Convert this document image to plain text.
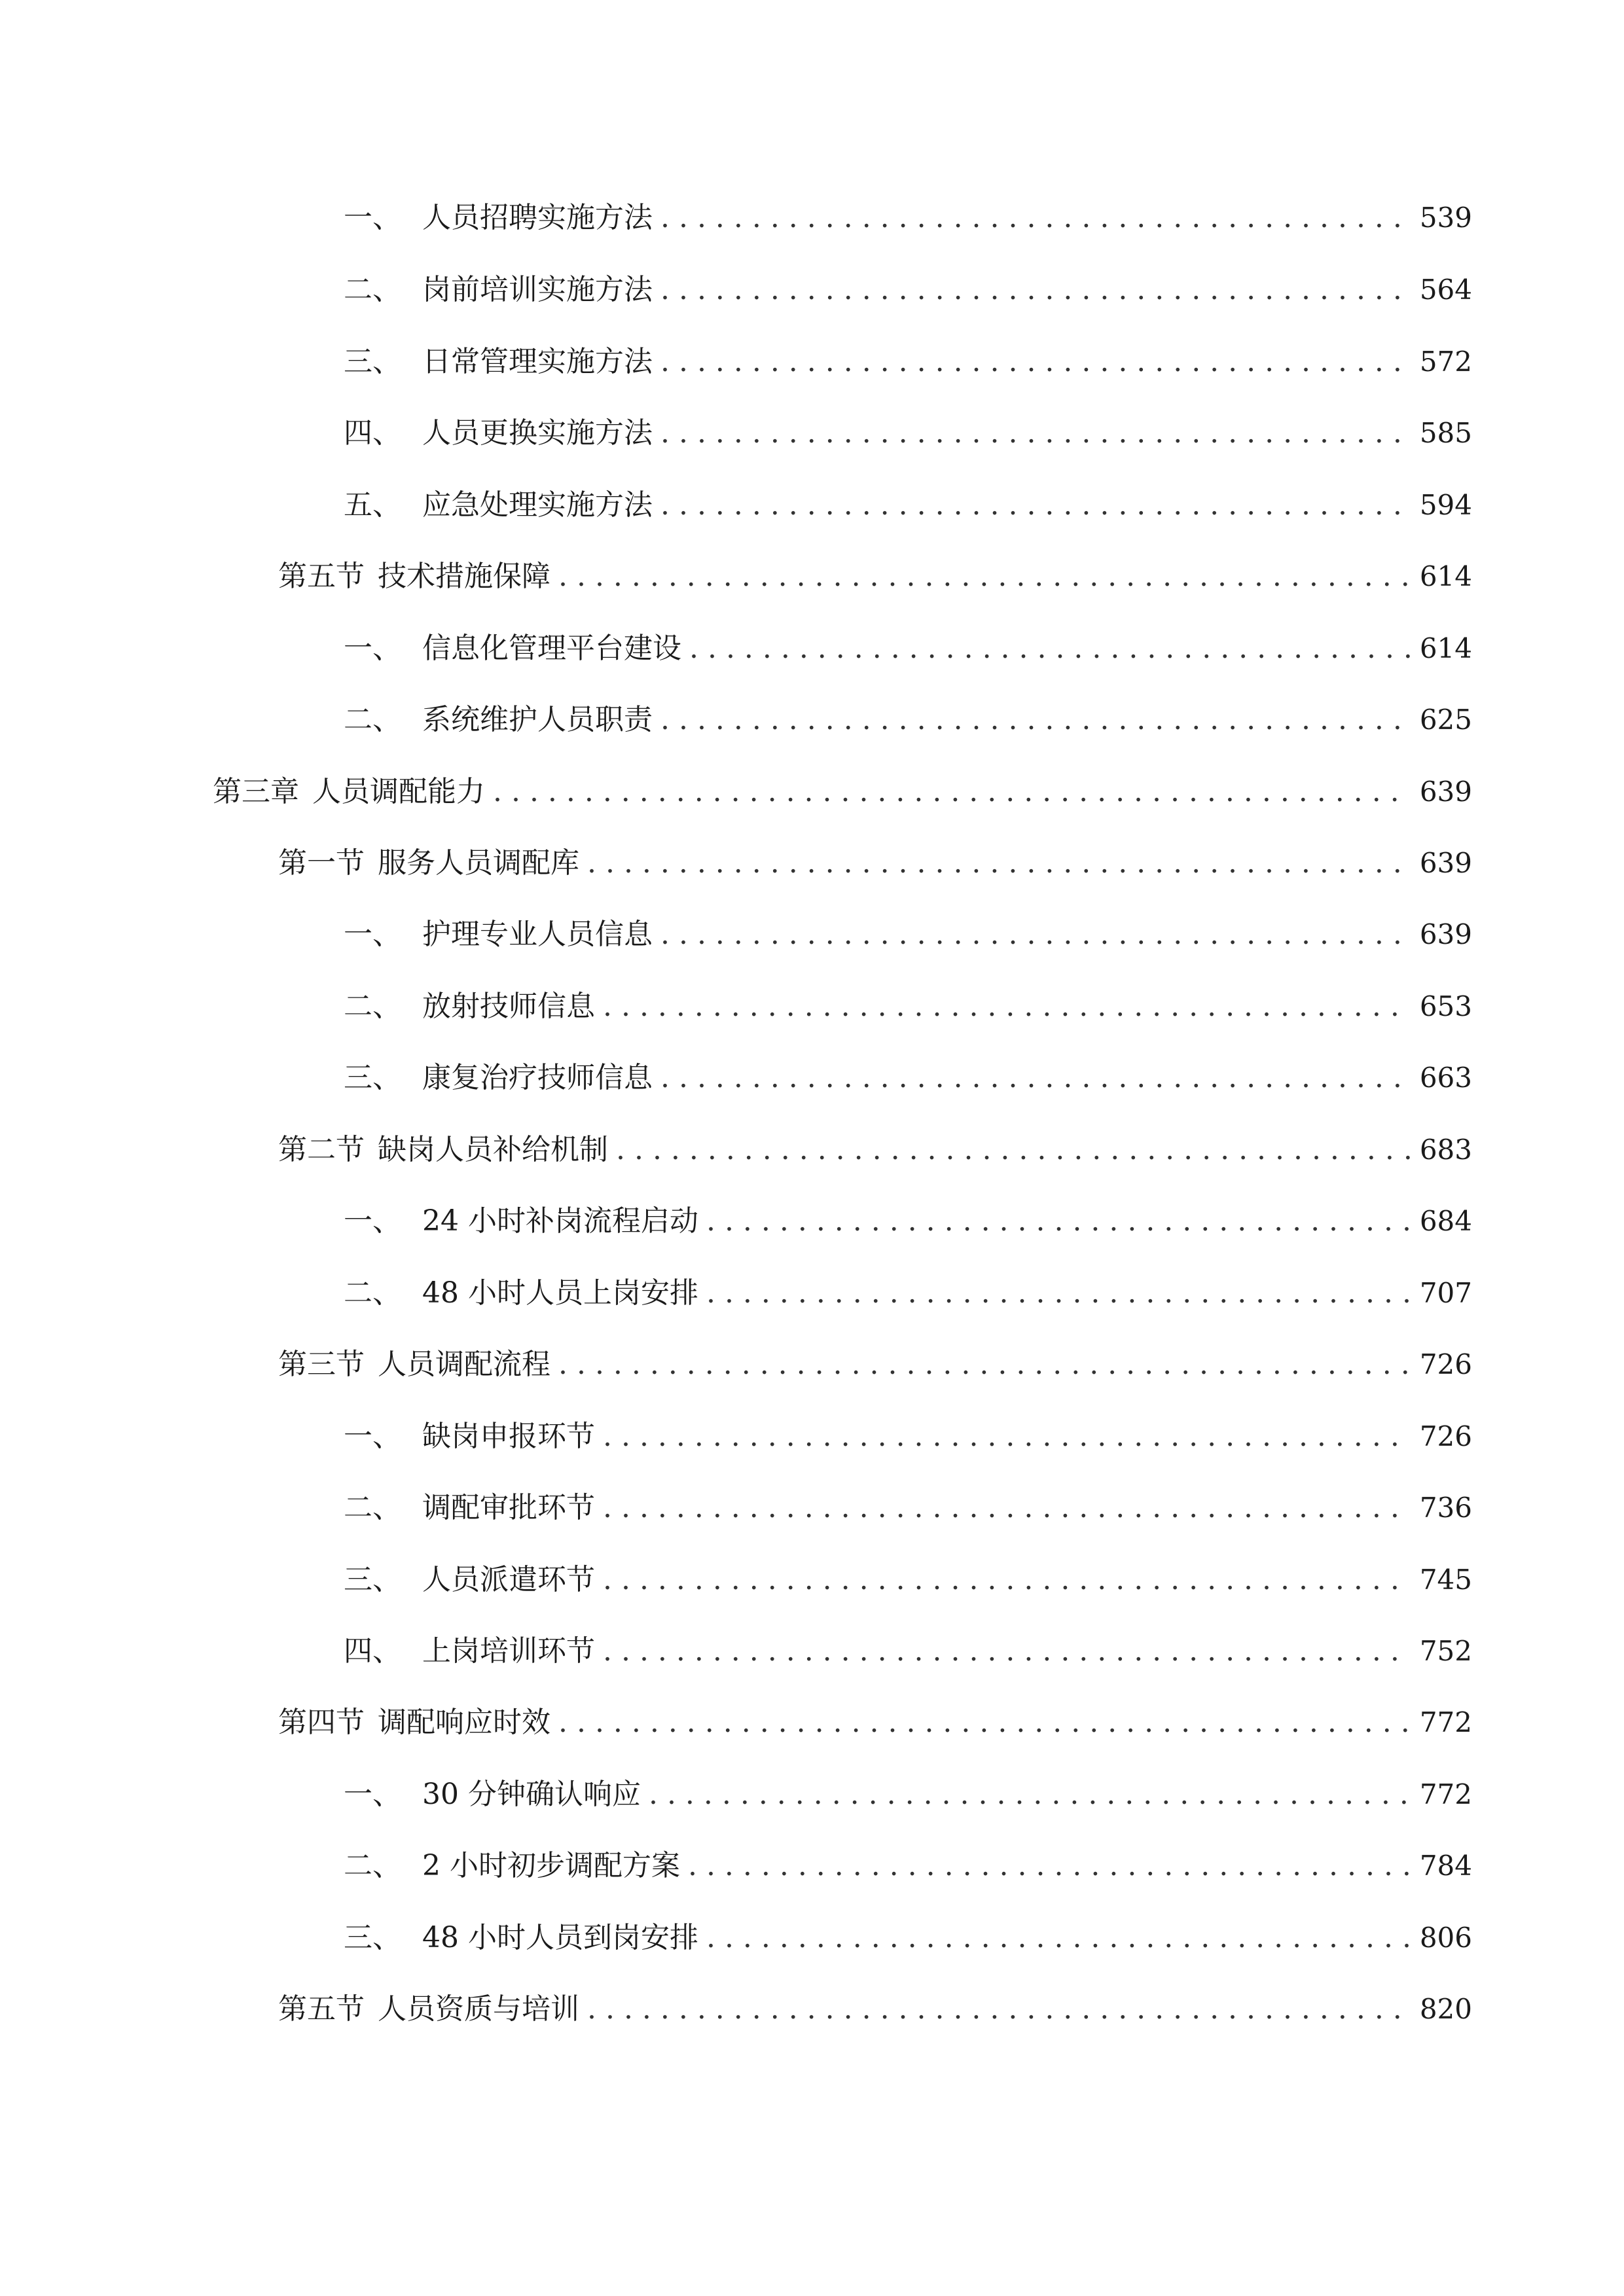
一、 人员招聘实施方法 . . .	539
二、 岗前培训实施方法 . . .	564
三、 日常管理实施方法 . . .	572
四、 人员更换实施方法 . . .	585
五、 应急处理实施方法 . . .	594
第五节 技术措施保障 . . .	614
一、 信息化管理平台建设 . . .	614
二、 系统维护人员职责 . . .	625
第三章 人员调配能力 . . .	639
第一节 服务人员调配库 . . .	639
一、 护理专业人员信息 . . .	639
二、 放射技师信息 . . .	653
三、 康复治疗技师信息 . . .	663
第二节 缺岗人员补给机制 . . .	683
一、 24 小时补岗流程启动 . . .	684
二、 48 小时人员上岗安排 . . .	707
第三节 人员调配流程 . . .	726
一、 缺岗申报环节 . . .	726
二、 调配审批环节 . . .	736
三、 人员派遣环节 . . .	745
四、 上岗培训环节 . . .	752
第四节 调配响应时效 . . .	772
一、 30 分钟确认响应 . . .	772
二、 2 小时初步调配方案 . . .	784
三、 48 小时人员到岗安排 . . .	806
第五节 人员资质与培训 . . .	820
